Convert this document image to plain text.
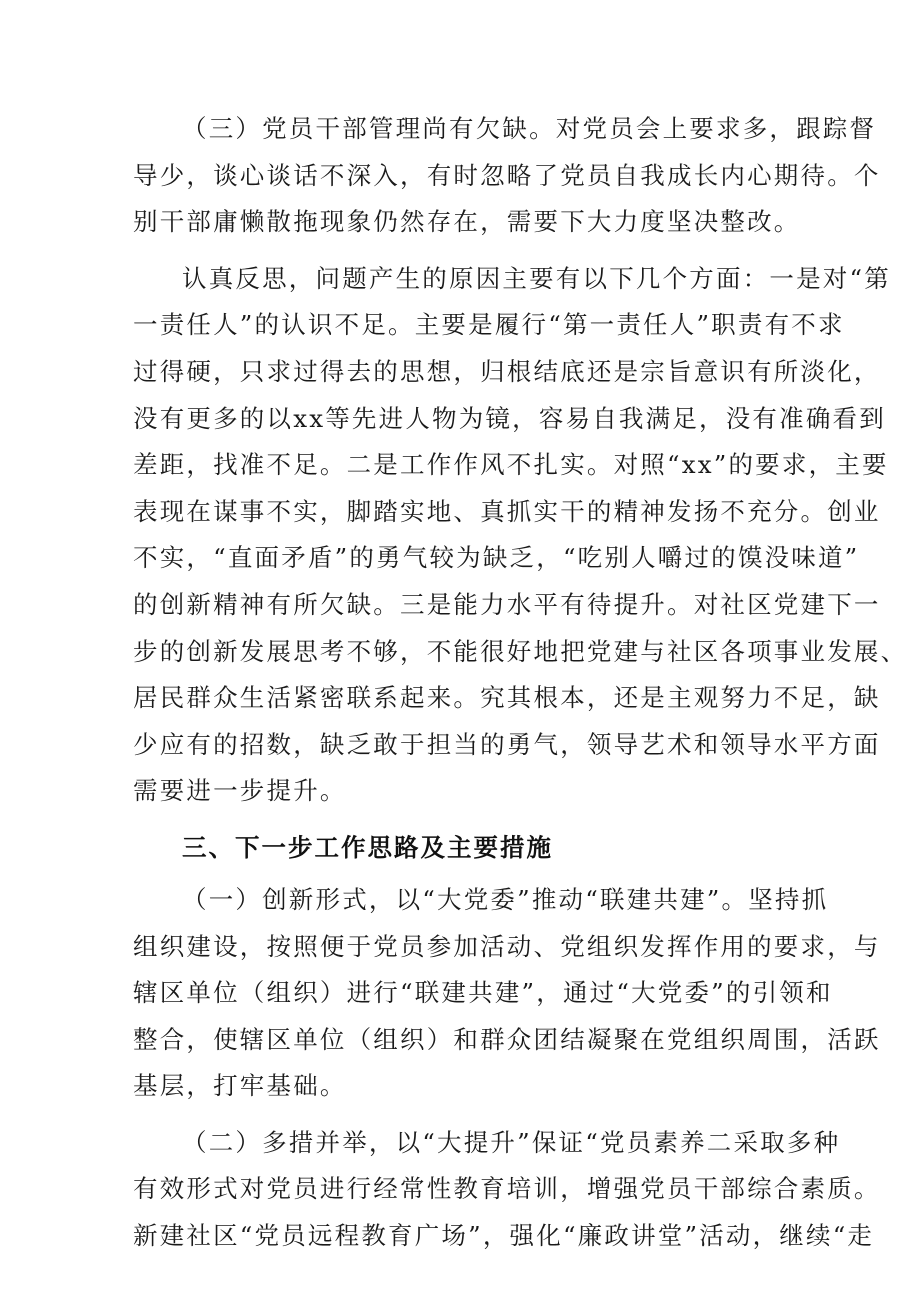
（三）党员干部管理尚有欠缺。对党员会上要求多，跟踪督
导少，谈心谈话不深入，有时忽略了党员自我成长内心期待。个
别干部庸懒散拖现象仍然存在，需要下大力度坚决整改。
认真反思，问题产生的原因主要有以下几个方面：一是对“第
一责任人”的认识不足。主要是履行“第一责任人”职责有不求
过得硬，只求过得去的思想，归根结底还是宗旨意识有所淡化，
没有更多的以xx等先进人物为镜，容易自我满足，没有准确看到
差距，找准不足。二是工作作风不扎实。对照“xx”的要求，主要
表现在谋事不实，脚踏实地、真抓实干的精神发扬不充分。创业
不实，“直面矛盾”的勇气较为缺乏，“吃别人嚼过的馍没味道”
的创新精神有所欠缺。三是能力水平有待提升。对社区党建下一
步的创新发展思考不够，不能很好地把党建与社区各项事业发展、
居民群众生活紧密联系起来。究其根本，还是主观努力不足，缺
少应有的招数，缺乏敢于担当的勇气，领导艺术和领导水平方面
需要进一步提升。
三、下一步工作思路及主要措施
（一）创新形式，以“大党委”推动“联建共建”。坚持抓
组织建设，按照便于党员参加活动、党组织发挥作用的要求，与
辖区单位（组织）进行“联建共建”，通过“大党委”的引领和
整合，使辖区单位（组织）和群众团结凝聚在党组织周围，活跃
基层，打牢基础。
（二）多措并举，以“大提升”保证“党员素养二采取多种
有效形式对党员进行经常性教育培训，增强党员干部综合素质。
新建社区“党员远程教育广场”，强化“廉政讲堂”活动，继续“走
